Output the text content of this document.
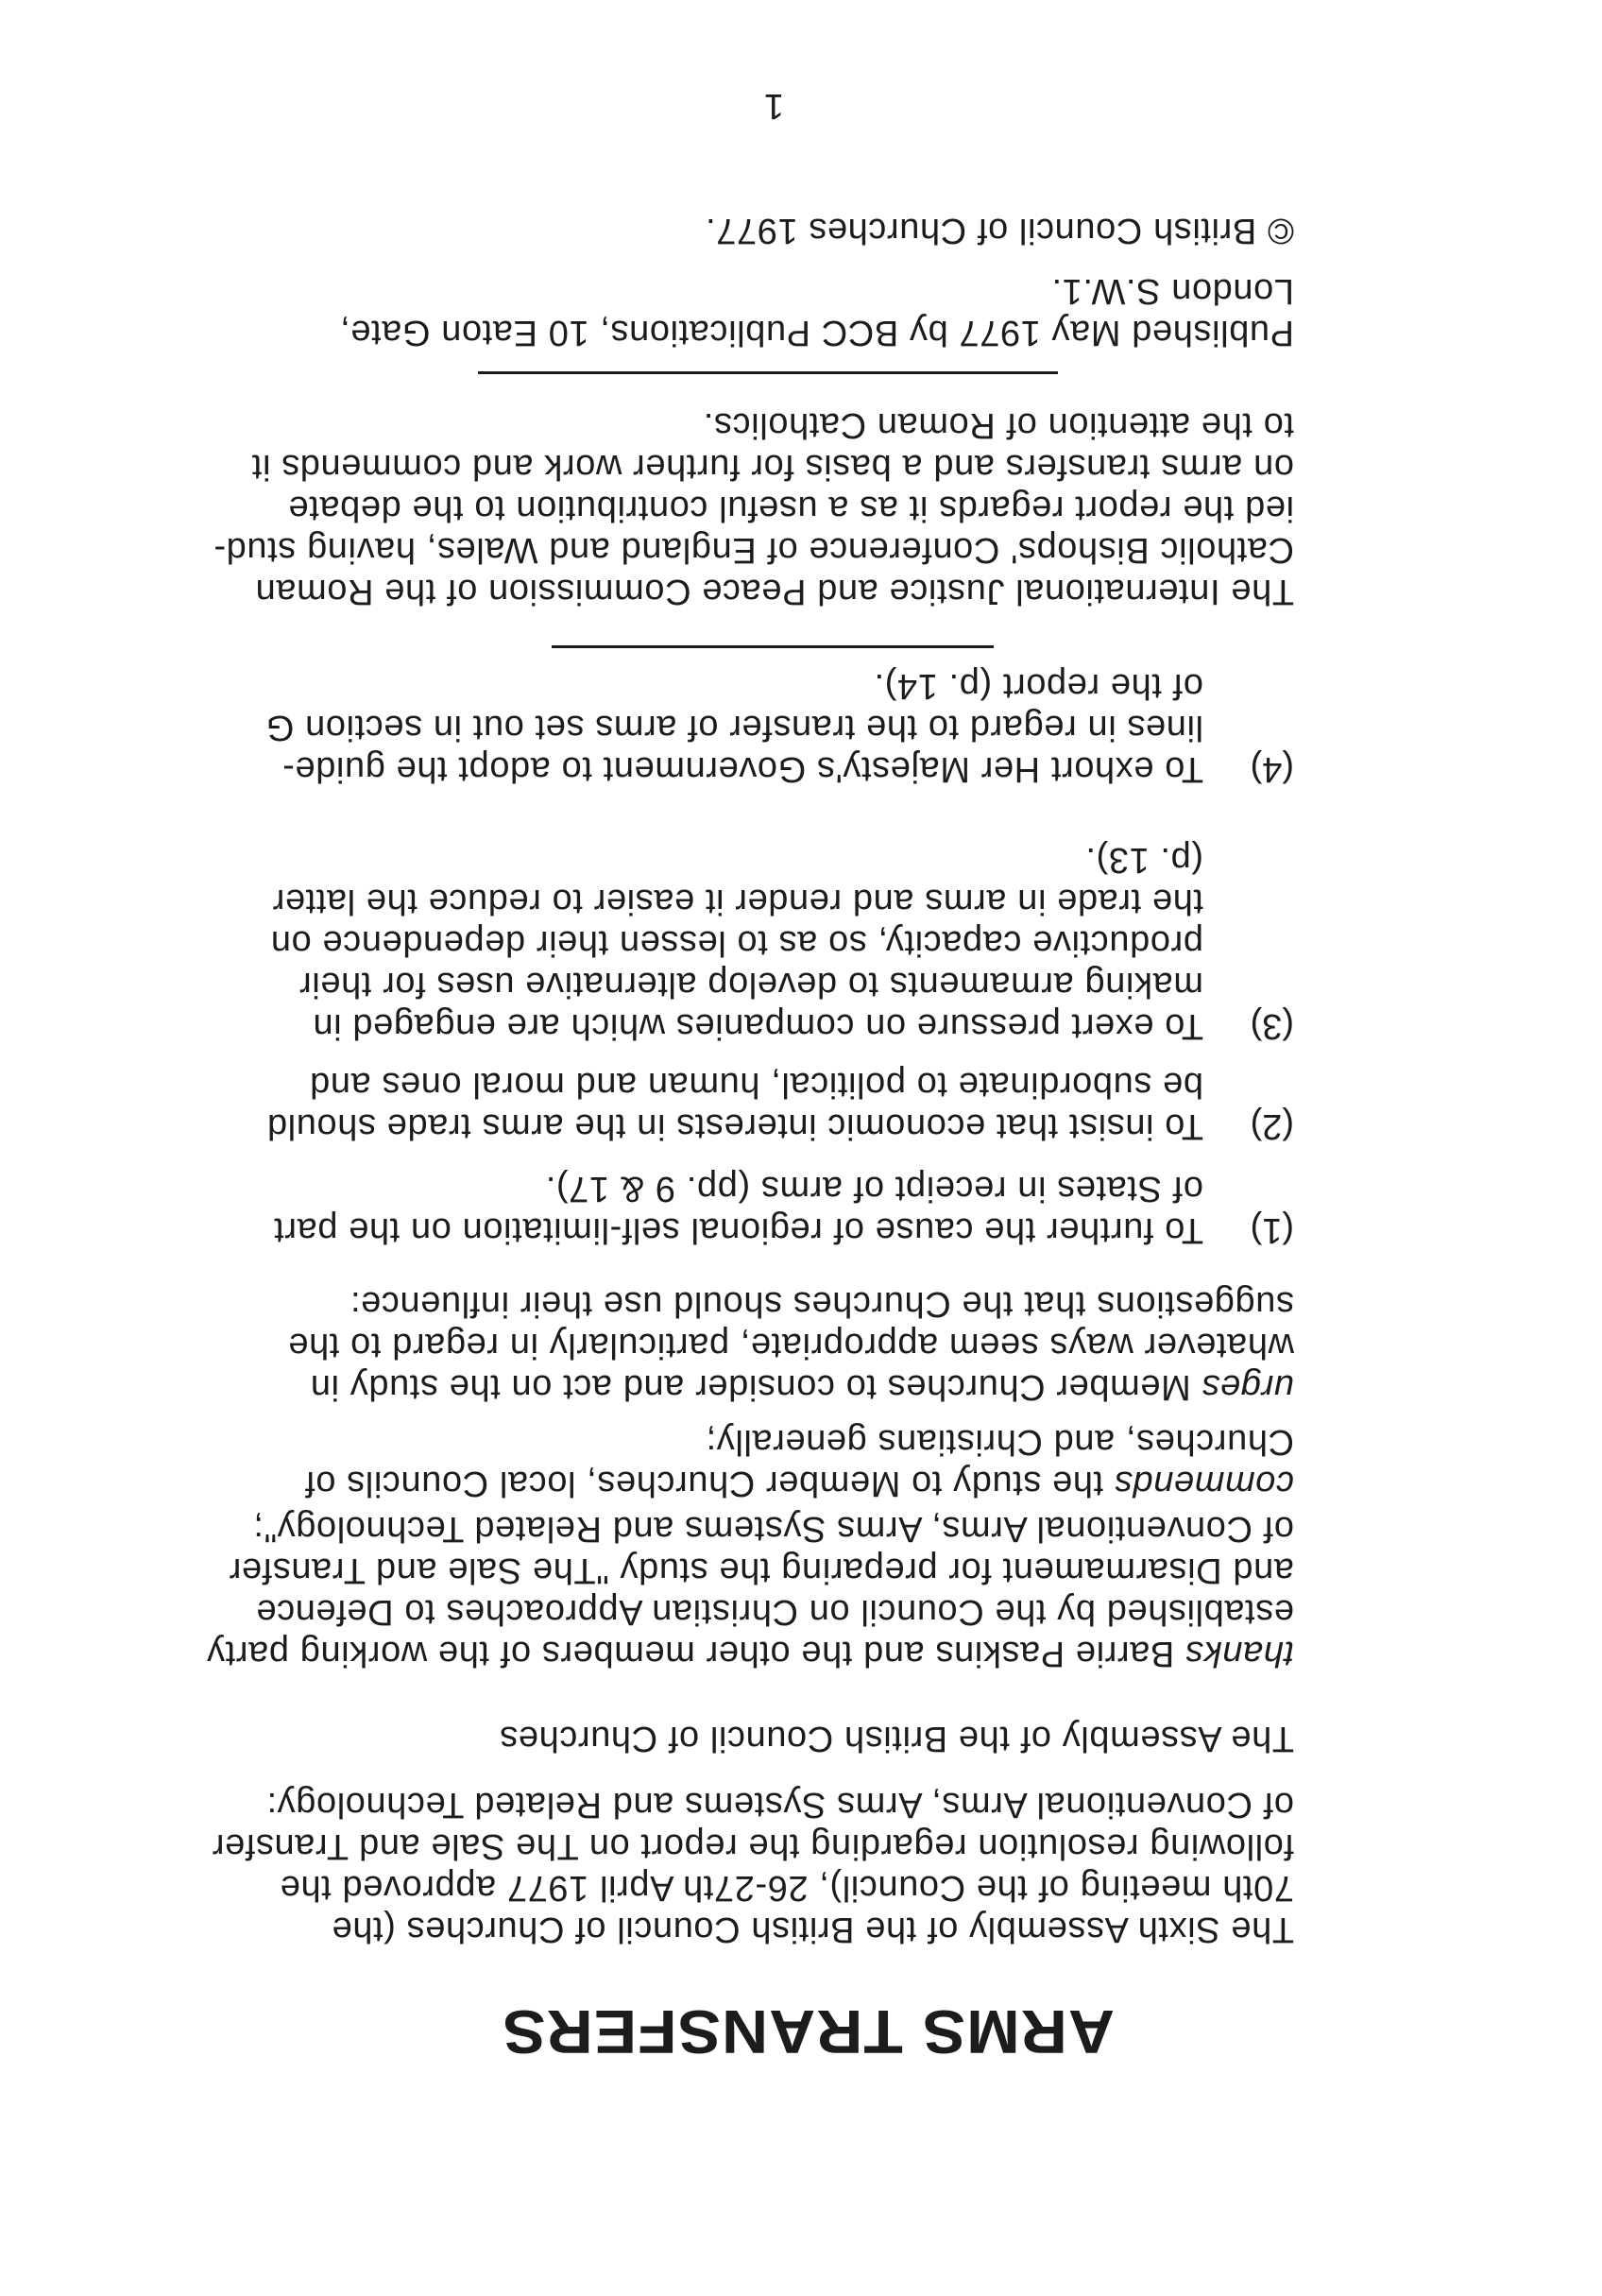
ARMS TRANSFERS
The Sixth Assembly of the British Council of Churches (the
70th meeting of the Council), 26-27th April 1977 approved the
following resolution regarding the report on The Sale and Transfer
of Conventional Arms, Arms Systems and Related Technology:
The Assembly of the British Council of Churches
thanks Barrie Paskins and the other members of the working party
established by the Council on Christian Approaches to Defence
and Disarmament for preparing the study "The Sale and Transfer
of Conventional Arms, Arms Systems and Related Technology";
commends the study to Member Churches, local Councils of
Churches, and Christians generally;
urges Member Churches to consider and act on the study in
whatever ways seem appropriate, particularly in regard to the
suggestions that the Churches should use their influence:
(1)
To further the cause of regional self-limitation on the part
of States in receipt of arms (pp. 9 & 17).
(2)
To insist that economic interests in the arms trade should
be subordinate to political, human and moral ones and
(3)
To exert pressure on companies which are engaged in
making armaments to develop alternative uses for their
productive capacity, so as to lessen their dependence on
the trade in arms and render it easier to reduce the latter
(p. 13).
(4)
To exhort Her Majesty's Government to adopt the guide-
lines in regard to the transfer of arms set out in section G
of the report (p. 14).
The International Justice and Peace Commission of the Roman
Catholic Bishops' Conference of England and Wales, having stud-
ied the report regards it as a useful contribution to the debate
on arms transfers and a basis for further work and commends it
to the attention of Roman Catholics.
Published May 1977 by BCC Publications, 10 Eaton Gate,
London S.W.1.
© British Council of Churches 1977.
1
